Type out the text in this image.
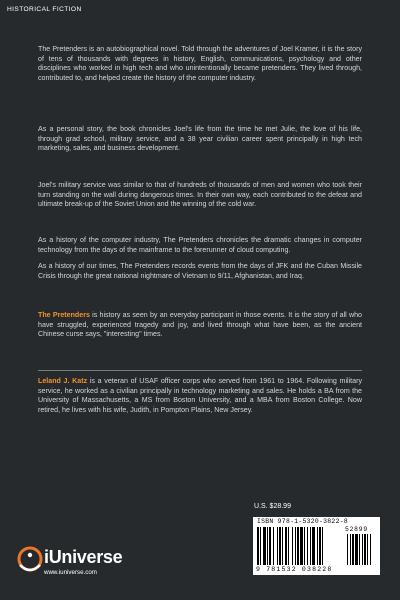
HISTORICAL FICTION

The Pretenders is an autobiographical novel. Told through the adventures of Joel Kramer, it is the story of tens of thousands with degrees in history, English, communications, psychology and other disciplines who worked in high tech and who unintentionally became pretenders. They lived through, contributed to, and helped create the history of the computer industry.

As a personal story, the book chronicles Joel's life from the time he met Julie, the love of his life, through grad school, military service, and a 38 year civilian career spent principally in high tech marketing, sales, and business development.

Joel's military service was similar to that of hundreds of thousands of men and women who took their turn standing on the wall during dangerous times. In their own way, each contributed to the defeat and ultimate break-up of the Soviet Union and the winning of the cold war.

As a history of the computer industry, The Pretenders chronicles the dramatic changes in computer technology from the days of the mainframe to the forerunner of cloud computing.

As a history of our times, The Pretenders records events from the days of JFK and the Cuban Missile Crisis through the great national nightmare of Vietnam to 9/11, Afghanistan, and Iraq.

The Pretenders is history as seen by an everyday participant in those events. It is the story of all who have struggled, experienced tragedy and joy, and lived through what have been, as the ancient Chinese curse says, "interesting" times.

Leland J. Katz is a veteran of USAF officer corps who served from 1961 to 1964. Following military service, he worked as a civilian principally in technology marketing and sales. He holds a BA from the University of Massachusetts, a MS from Boston University, and a MBA from Boston College. Now retired, he lives with his wife, Judith, in Pompton Plains, New Jersey.

U.S. $28.99
ISBN 978-1-5320-3822-8
52899
9 781532 038228
iUniverse
www.iuniverse.com
